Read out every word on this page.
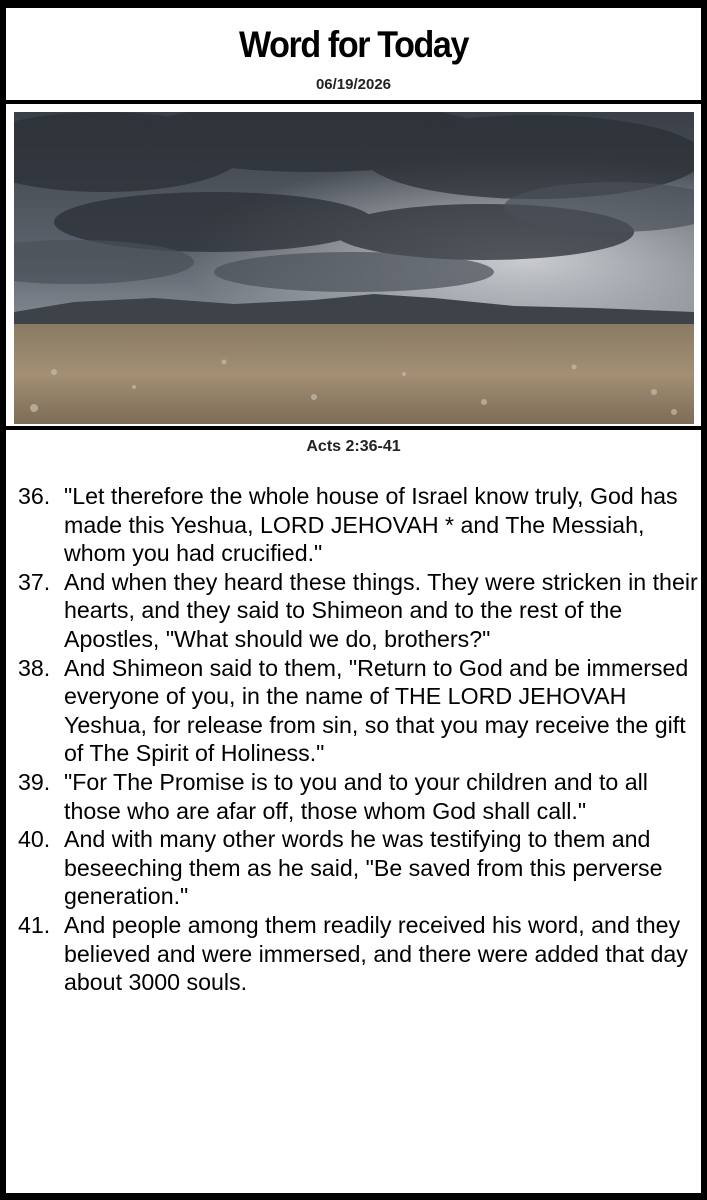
Word for Today
06/19/2026
Acts 2:36-41
36. "Let therefore the whole house of Israel know truly, God has made this Yeshua, LORD JEHOVAH * and The Messiah, whom you had crucified."
37. And when they heard these things. They were stricken in their hearts, and they said to Shimeon and to the rest of the Apostles, "What should we do, brothers?"
38. And Shimeon said to them, "Return to God and be immersed everyone of you, in the name of THE LORD JEHOVAH Yeshua, for release from sin, so that you may receive the gift of The Spirit of Holiness."
39. "For The Promise is to you and to your children and to all those who are afar off, those whom God shall call."
40. And with many other words he was testifying to them and beseeching them as he said, "Be saved from this perverse generation."
41. And people among them readily received his word, and they believed and were immersed, and there were added that day about 3000 souls.
